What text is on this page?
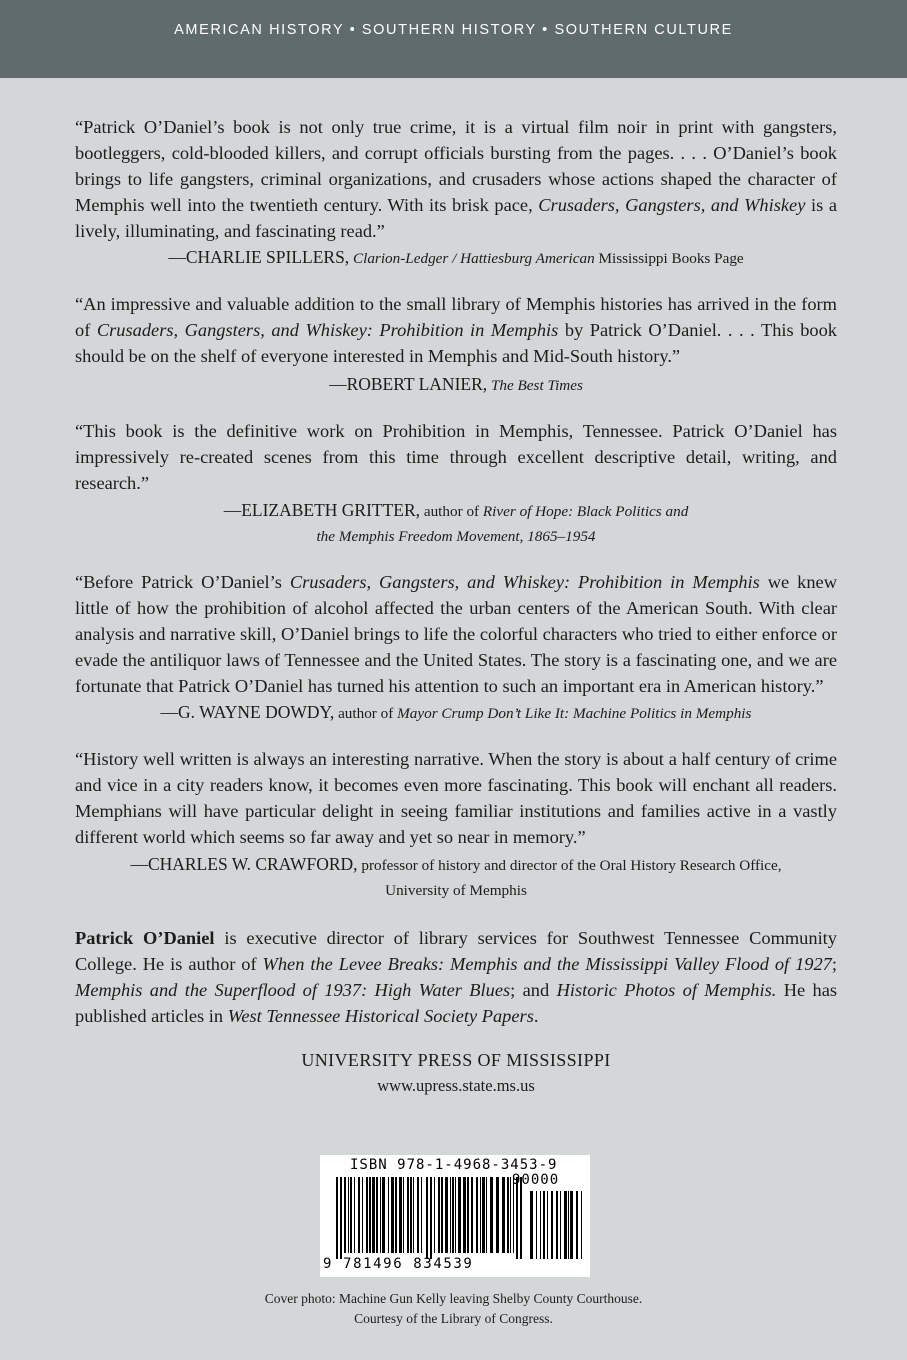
AMERICAN HISTORY • SOUTHERN HISTORY • SOUTHERN CULTURE

“Patrick O’Daniel’s book is not only true crime, it is a virtual film noir in print with gangsters, bootleggers, cold-blooded killers, and corrupt officials bursting from the pages. . . . O’Daniel’s book brings to life gangsters, criminal organizations, and crusaders whose actions shaped the character of Memphis well into the twentieth century. With its brisk pace, Crusaders, Gangsters, and Whiskey is a lively, illuminating, and fascinating read.”

—CHARLIE SPILLERS, Clarion-Ledger / Hattiesburg American Mississippi Books Page

“An impressive and valuable addition to the small library of Memphis histories has arrived in the form of Crusaders, Gangsters, and Whiskey: Prohibition in Memphis by Patrick O’Daniel. . . . This book should be on the shelf of everyone interested in Memphis and Mid-South history.”

—ROBERT LANIER, The Best Times

“This book is the definitive work on Prohibition in Memphis, Tennessee. Patrick O’Daniel has impressively re-created scenes from this time through excellent descriptive detail, writing, and research.”

—ELIZABETH GRITTER, author of River of Hope: Black Politics and
the Memphis Freedom Movement, 1865–1954

“Before Patrick O’Daniel’s Crusaders, Gangsters, and Whiskey: Prohibition in Memphis we knew little of how the prohibition of alcohol affected the urban centers of the American South. With clear analysis and narrative skill, O’Daniel brings to life the colorful characters who tried to either enforce or evade the antiliquor laws of Tennessee and the United States. The story is a fascinating one, and we are fortunate that Patrick O’Daniel has turned his attention to such an important era in American history.”

—G. WAYNE DOWDY, author of Mayor Crump Don’t Like It: Machine Politics in Memphis

“History well written is always an interesting narrative. When the story is about a half century of crime and vice in a city readers know, it becomes even more fascinating. This book will enchant all readers. Memphians will have particular delight in seeing familiar institutions and families active in a vastly different world which seems so far away and yet so near in memory.”

—CHARLES W. CRAWFORD, professor of history and director of the Oral History Research Office,
University of Memphis

Patrick O’Daniel is executive director of library services for Southwest Tennessee Community College. He is author of When the Levee Breaks: Memphis and the Mississippi Valley Flood of 1927; Memphis and the Superflood of 1937: High Water Blues; and Historic Photos of Memphis. He has published articles in West Tennessee Historical Society Papers.

UNIVERSITY PRESS OF MISSISSIPPI
www.upress.state.ms.us
ISBN 978-1-4968-3453-9
90000
9 781496 834539
Cover photo: Machine Gun Kelly leaving Shelby County Courthouse.
Courtesy of the Library of Congress.
